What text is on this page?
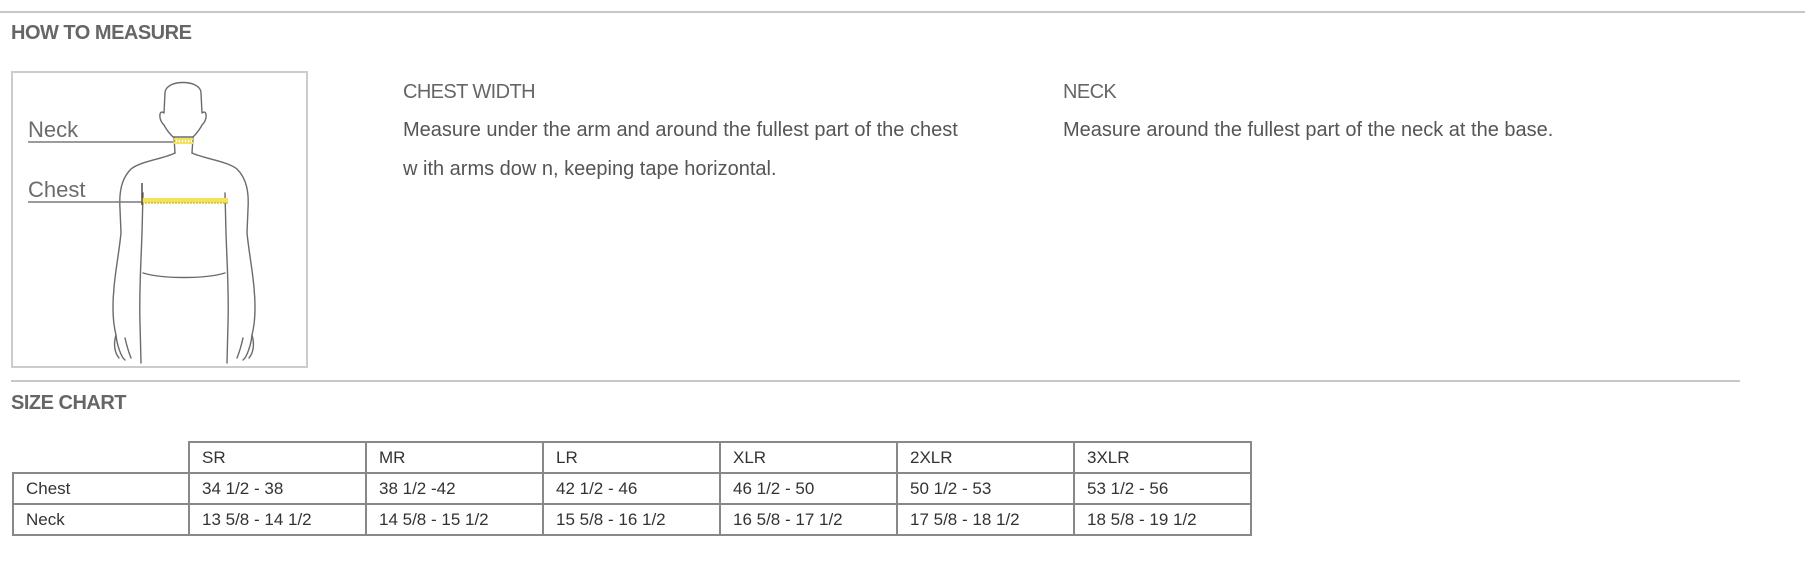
HOW TO MEASURE
Neck
Chest
CHEST WIDTH
Measure under the arm and around the fullest part of the chest
w ith arms dow n, keeping tape horizontal.
NECK
Measure around the fullest part of the neck at the base.
SIZE CHART
	SR	MR	LR	XLR	2XLR	3XLR
Chest	34 1/2 - 38	38 1/2 -42	42 1/2 - 46	46 1/2 - 50	50 1/2 - 53	53 1/2 - 56
Neck	13 5/8 - 14 1/2	14 5/8 - 15 1/2	15 5/8 - 16 1/2	16 5/8 - 17 1/2	17 5/8 - 18 1/2	18 5/8 - 19 1/2
